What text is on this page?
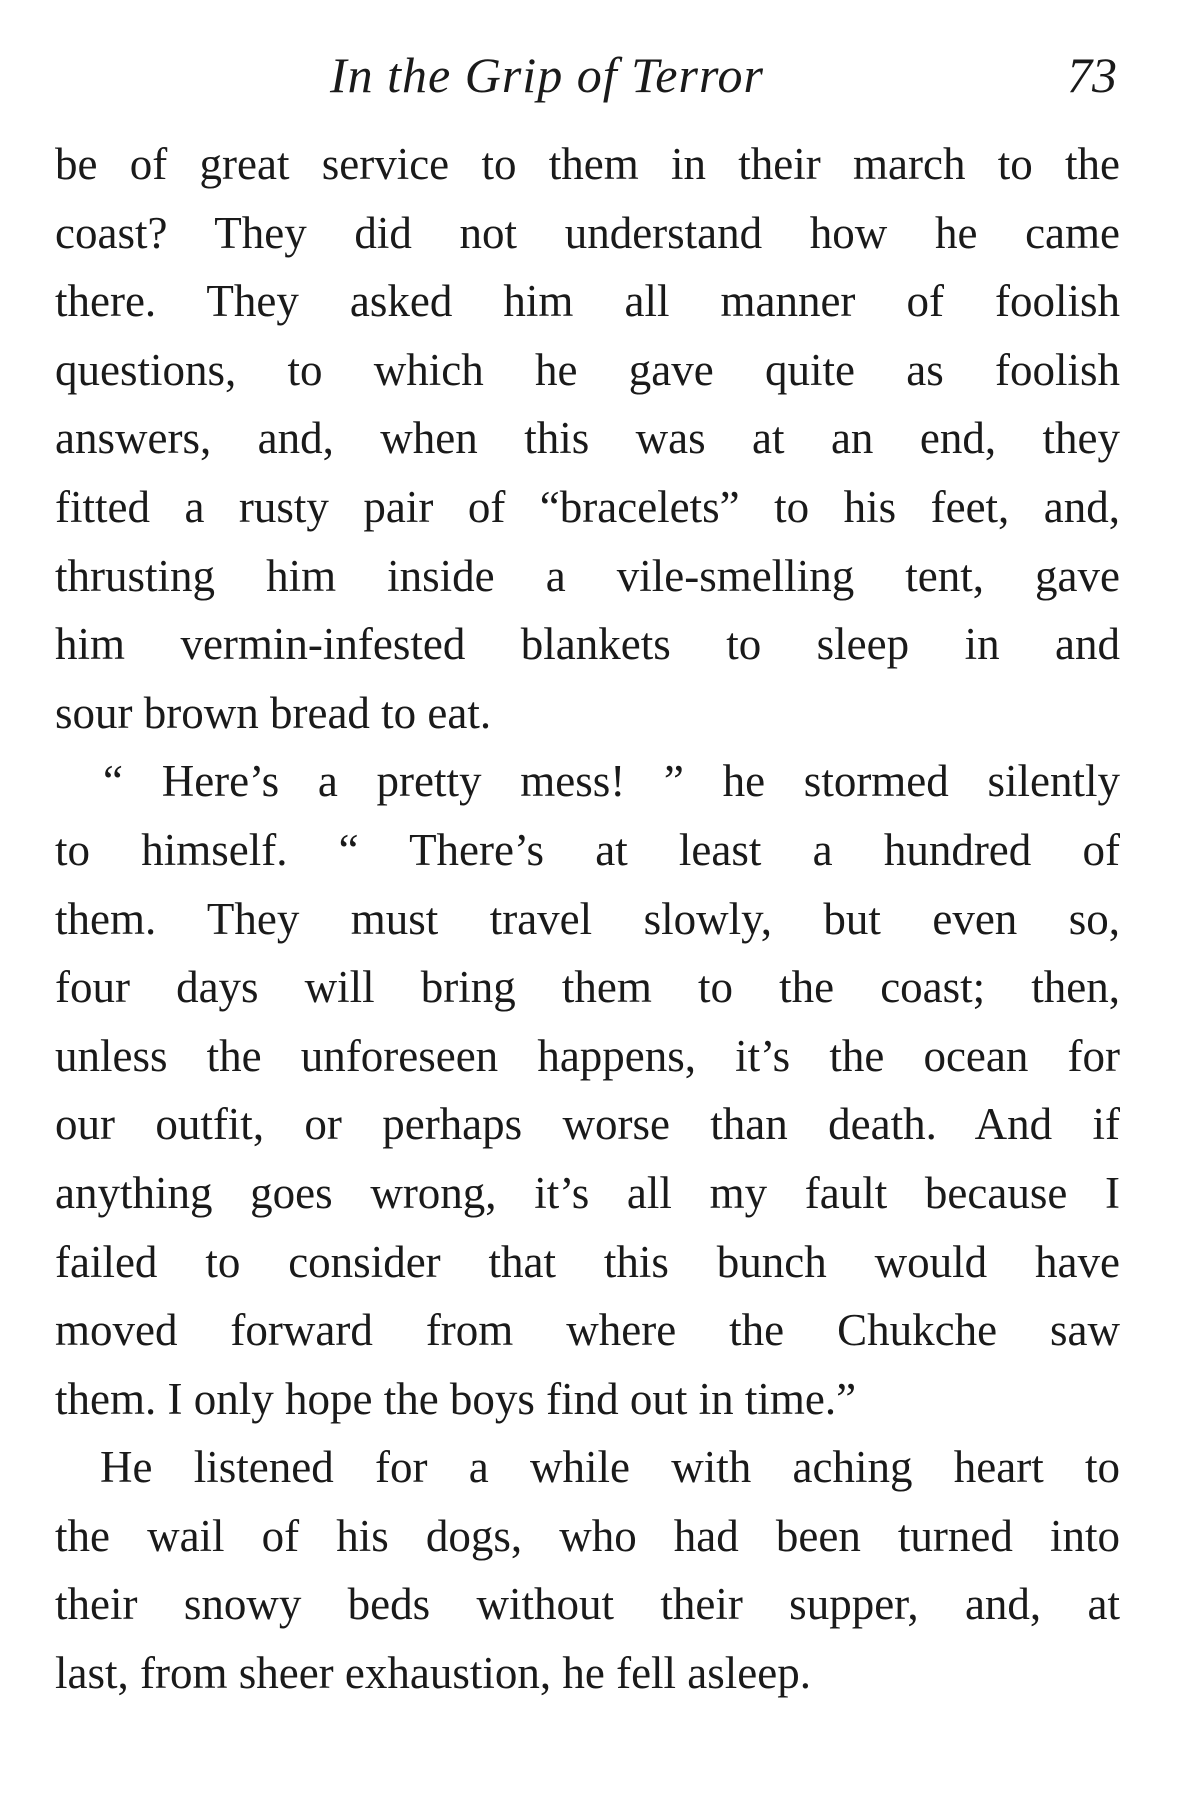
In the Grip of Terror	73
be of great service to them in their march to the
coast? They did not understand how he came
there. They asked him all manner of foolish
questions, to which he gave quite as foolish
answers, and, when this was at an end, they
fitted a rusty pair of “bracelets” to his feet, and,
thrusting him inside a vile-smelling tent, gave
him vermin-infested blankets to sleep in and
sour brown bread to eat.
“ Here’s a pretty mess! ” he stormed silently
to himself. “ There’s at least a hundred of
them. They must travel slowly, but even so,
four days will bring them to the coast; then,
unless the unforeseen happens, it’s the ocean for
our outfit, or perhaps worse than death. And if
anything goes wrong, it’s all my fault because I
failed to consider that this bunch would have
moved forward from where the Chukche saw
them. I only hope the boys find out in time.”
He listened for a while with aching heart to
the wail of his dogs, who had been turned into
their snowy beds without their supper, and, at
last, from sheer exhaustion, he fell asleep.
